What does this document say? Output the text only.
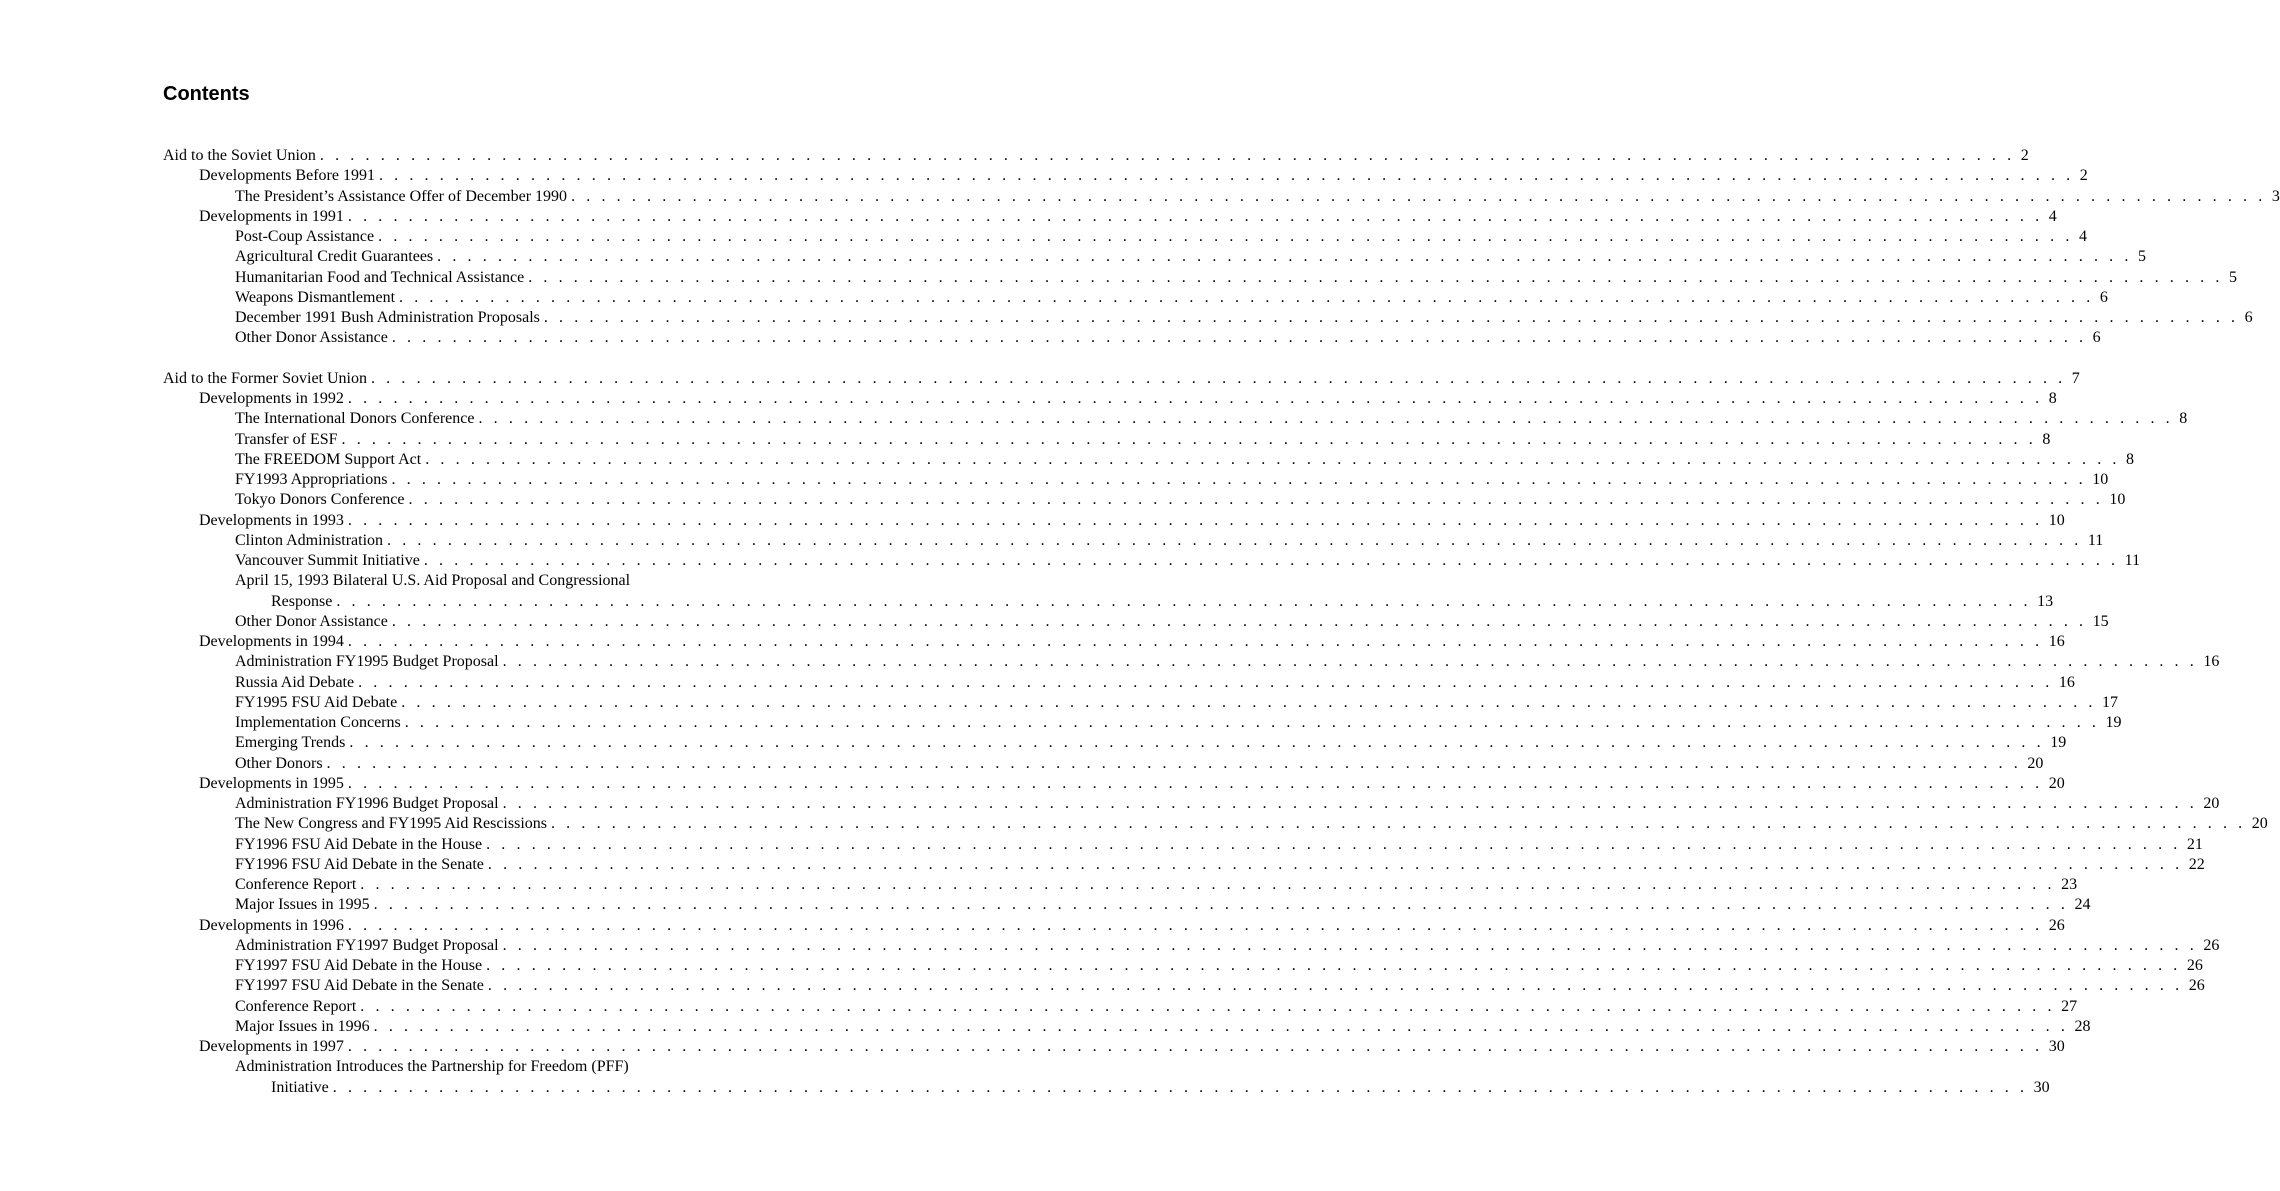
Contents
Aid to the Soviet Union . . . . . . . . . . . . . . . . . . . . . . . . . . . . . . . . . . . . . . . . . . . . . . . . . . . . . . . . . . . . . . . . . . . . . . . . . . . . . . . . . . . . . . . . . . . . . . . . . . . . . . . . . . . . . . . . 2
Developments Before 1991 . . . . . . . . . . . . . . . . . . . . . . . . . . . . . . . . . . . . . . . . . . . . . . . . . . . . . . . . . . . . . . . . . . . . . . . . . . . . . . . . . . . . . . . . . . . . . . . . . . . . . . . . . . . . . . . . 2
The President’s Assistance Offer of December 1990 . . . . . . . . . . . . . . . . . . . . . . . . . . . . . . . . . . . . . . . . . . . . . . . . . . . . . . . . . . . . . . . . . . . . . . . . . . . . . . . . . . . . . . . . . . . . . . . . . . . . . . . . . . . . . . . . 3
Developments in 1991 . . . . . . . . . . . . . . . . . . . . . . . . . . . . . . . . . . . . . . . . . . . . . . . . . . . . . . . . . . . . . . . . . . . . . . . . . . . . . . . . . . . . . . . . . . . . . . . . . . . . . . . . . . . . . . . . 4
Post-Coup Assistance . . . . . . . . . . . . . . . . . . . . . . . . . . . . . . . . . . . . . . . . . . . . . . . . . . . . . . . . . . . . . . . . . . . . . . . . . . . . . . . . . . . . . . . . . . . . . . . . . . . . . . . . . . . . . . . . 4
Agricultural Credit Guarantees . . . . . . . . . . . . . . . . . . . . . . . . . . . . . . . . . . . . . . . . . . . . . . . . . . . . . . . . . . . . . . . . . . . . . . . . . . . . . . . . . . . . . . . . . . . . . . . . . . . . . . . . . . . . . . . . 5
Humanitarian Food and Technical Assistance . . . . . . . . . . . . . . . . . . . . . . . . . . . . . . . . . . . . . . . . . . . . . . . . . . . . . . . . . . . . . . . . . . . . . . . . . . . . . . . . . . . . . . . . . . . . . . . . . . . . . . . . . . . . . . . . 5
Weapons Dismantlement . . . . . . . . . . . . . . . . . . . . . . . . . . . . . . . . . . . . . . . . . . . . . . . . . . . . . . . . . . . . . . . . . . . . . . . . . . . . . . . . . . . . . . . . . . . . . . . . . . . . . . . . . . . . . . . . 6
December 1991 Bush Administration Proposals . . . . . . . . . . . . . . . . . . . . . . . . . . . . . . . . . . . . . . . . . . . . . . . . . . . . . . . . . . . . . . . . . . . . . . . . . . . . . . . . . . . . . . . . . . . . . . . . . . . . . . . . . . . . . . . . 6
Other Donor Assistance . . . . . . . . . . . . . . . . . . . . . . . . . . . . . . . . . . . . . . . . . . . . . . . . . . . . . . . . . . . . . . . . . . . . . . . . . . . . . . . . . . . . . . . . . . . . . . . . . . . . . . . . . . . . . . . . 6
Aid to the Former Soviet Union . . . . . . . . . . . . . . . . . . . . . . . . . . . . . . . . . . . . . . . . . . . . . . . . . . . . . . . . . . . . . . . . . . . . . . . . . . . . . . . . . . . . . . . . . . . . . . . . . . . . . . . . . . . . . . . . 7
Developments in 1992 . . . . . . . . . . . . . . . . . . . . . . . . . . . . . . . . . . . . . . . . . . . . . . . . . . . . . . . . . . . . . . . . . . . . . . . . . . . . . . . . . . . . . . . . . . . . . . . . . . . . . . . . . . . . . . . . 8
The International Donors Conference . . . . . . . . . . . . . . . . . . . . . . . . . . . . . . . . . . . . . . . . . . . . . . . . . . . . . . . . . . . . . . . . . . . . . . . . . . . . . . . . . . . . . . . . . . . . . . . . . . . . . . . . . . . . . . . . 8
Transfer of ESF . . . . . . . . . . . . . . . . . . . . . . . . . . . . . . . . . . . . . . . . . . . . . . . . . . . . . . . . . . . . . . . . . . . . . . . . . . . . . . . . . . . . . . . . . . . . . . . . . . . . . . . . . . . . . . . . 8
The FREEDOM Support Act . . . . . . . . . . . . . . . . . . . . . . . . . . . . . . . . . . . . . . . . . . . . . . . . . . . . . . . . . . . . . . . . . . . . . . . . . . . . . . . . . . . . . . . . . . . . . . . . . . . . . . . . . . . . . . . . 8
FY1993 Appropriations . . . . . . . . . . . . . . . . . . . . . . . . . . . . . . . . . . . . . . . . . . . . . . . . . . . . . . . . . . . . . . . . . . . . . . . . . . . . . . . . . . . . . . . . . . . . . . . . . . . . . . . . . . . . . . . . 10
Tokyo Donors Conference . . . . . . . . . . . . . . . . . . . . . . . . . . . . . . . . . . . . . . . . . . . . . . . . . . . . . . . . . . . . . . . . . . . . . . . . . . . . . . . . . . . . . . . . . . . . . . . . . . . . . . . . . . . . . . . . 10
Developments in 1993 . . . . . . . . . . . . . . . . . . . . . . . . . . . . . . . . . . . . . . . . . . . . . . . . . . . . . . . . . . . . . . . . . . . . . . . . . . . . . . . . . . . . . . . . . . . . . . . . . . . . . . . . . . . . . . . . 10
Clinton Administration . . . . . . . . . . . . . . . . . . . . . . . . . . . . . . . . . . . . . . . . . . . . . . . . . . . . . . . . . . . . . . . . . . . . . . . . . . . . . . . . . . . . . . . . . . . . . . . . . . . . . . . . . . . . . . . . 11
Vancouver Summit Initiative . . . . . . . . . . . . . . . . . . . . . . . . . . . . . . . . . . . . . . . . . . . . . . . . . . . . . . . . . . . . . . . . . . . . . . . . . . . . . . . . . . . . . . . . . . . . . . . . . . . . . . . . . . . . . . . . 11
April 15, 1993 Bilateral U.S. Aid Proposal and Congressional
Response . . . . . . . . . . . . . . . . . . . . . . . . . . . . . . . . . . . . . . . . . . . . . . . . . . . . . . . . . . . . . . . . . . . . . . . . . . . . . . . . . . . . . . . . . . . . . . . . . . . . . . . . . . . . . . . . 13
Other Donor Assistance . . . . . . . . . . . . . . . . . . . . . . . . . . . . . . . . . . . . . . . . . . . . . . . . . . . . . . . . . . . . . . . . . . . . . . . . . . . . . . . . . . . . . . . . . . . . . . . . . . . . . . . . . . . . . . . . 15
Developments in 1994 . . . . . . . . . . . . . . . . . . . . . . . . . . . . . . . . . . . . . . . . . . . . . . . . . . . . . . . . . . . . . . . . . . . . . . . . . . . . . . . . . . . . . . . . . . . . . . . . . . . . . . . . . . . . . . . . 16
Administration FY1995 Budget Proposal . . . . . . . . . . . . . . . . . . . . . . . . . . . . . . . . . . . . . . . . . . . . . . . . . . . . . . . . . . . . . . . . . . . . . . . . . . . . . . . . . . . . . . . . . . . . . . . . . . . . . . . . . . . . . . . . 16
Russia Aid Debate . . . . . . . . . . . . . . . . . . . . . . . . . . . . . . . . . . . . . . . . . . . . . . . . . . . . . . . . . . . . . . . . . . . . . . . . . . . . . . . . . . . . . . . . . . . . . . . . . . . . . . . . . . . . . . . . 16
FY1995 FSU Aid Debate . . . . . . . . . . . . . . . . . . . . . . . . . . . . . . . . . . . . . . . . . . . . . . . . . . . . . . . . . . . . . . . . . . . . . . . . . . . . . . . . . . . . . . . . . . . . . . . . . . . . . . . . . . . . . . . . 17
Implementation Concerns . . . . . . . . . . . . . . . . . . . . . . . . . . . . . . . . . . . . . . . . . . . . . . . . . . . . . . . . . . . . . . . . . . . . . . . . . . . . . . . . . . . . . . . . . . . . . . . . . . . . . . . . . . . . . . . . 19
Emerging Trends . . . . . . . . . . . . . . . . . . . . . . . . . . . . . . . . . . . . . . . . . . . . . . . . . . . . . . . . . . . . . . . . . . . . . . . . . . . . . . . . . . . . . . . . . . . . . . . . . . . . . . . . . . . . . . . . 19
Other Donors . . . . . . . . . . . . . . . . . . . . . . . . . . . . . . . . . . . . . . . . . . . . . . . . . . . . . . . . . . . . . . . . . . . . . . . . . . . . . . . . . . . . . . . . . . . . . . . . . . . . . . . . . . . . . . . . 20
Developments in 1995 . . . . . . . . . . . . . . . . . . . . . . . . . . . . . . . . . . . . . . . . . . . . . . . . . . . . . . . . . . . . . . . . . . . . . . . . . . . . . . . . . . . . . . . . . . . . . . . . . . . . . . . . . . . . . . . . 20
Administration FY1996 Budget Proposal . . . . . . . . . . . . . . . . . . . . . . . . . . . . . . . . . . . . . . . . . . . . . . . . . . . . . . . . . . . . . . . . . . . . . . . . . . . . . . . . . . . . . . . . . . . . . . . . . . . . . . . . . . . . . . . . 20
The New Congress and FY1995 Aid Rescissions . . . . . . . . . . . . . . . . . . . . . . . . . . . . . . . . . . . . . . . . . . . . . . . . . . . . . . . . . . . . . . . . . . . . . . . . . . . . . . . . . . . . . . . . . . . . . . . . . . . . . . . . . . . . . . . . 20
FY1996 FSU Aid Debate in the House . . . . . . . . . . . . . . . . . . . . . . . . . . . . . . . . . . . . . . . . . . . . . . . . . . . . . . . . . . . . . . . . . . . . . . . . . . . . . . . . . . . . . . . . . . . . . . . . . . . . . . . . . . . . . . . . 21
FY1996 FSU Aid Debate in the Senate . . . . . . . . . . . . . . . . . . . . . . . . . . . . . . . . . . . . . . . . . . . . . . . . . . . . . . . . . . . . . . . . . . . . . . . . . . . . . . . . . . . . . . . . . . . . . . . . . . . . . . . . . . . . . . . . 22
Conference Report . . . . . . . . . . . . . . . . . . . . . . . . . . . . . . . . . . . . . . . . . . . . . . . . . . . . . . . . . . . . . . . . . . . . . . . . . . . . . . . . . . . . . . . . . . . . . . . . . . . . . . . . . . . . . . . . 23
Major Issues in 1995 . . . . . . . . . . . . . . . . . . . . . . . . . . . . . . . . . . . . . . . . . . . . . . . . . . . . . . . . . . . . . . . . . . . . . . . . . . . . . . . . . . . . . . . . . . . . . . . . . . . . . . . . . . . . . . . . 24
Developments in 1996 . . . . . . . . . . . . . . . . . . . . . . . . . . . . . . . . . . . . . . . . . . . . . . . . . . . . . . . . . . . . . . . . . . . . . . . . . . . . . . . . . . . . . . . . . . . . . . . . . . . . . . . . . . . . . . . . 26
Administration FY1997 Budget Proposal . . . . . . . . . . . . . . . . . . . . . . . . . . . . . . . . . . . . . . . . . . . . . . . . . . . . . . . . . . . . . . . . . . . . . . . . . . . . . . . . . . . . . . . . . . . . . . . . . . . . . . . . . . . . . . . . 26
FY1997 FSU Aid Debate in the House . . . . . . . . . . . . . . . . . . . . . . . . . . . . . . . . . . . . . . . . . . . . . . . . . . . . . . . . . . . . . . . . . . . . . . . . . . . . . . . . . . . . . . . . . . . . . . . . . . . . . . . . . . . . . . . . 26
FY1997 FSU Aid Debate in the Senate . . . . . . . . . . . . . . . . . . . . . . . . . . . . . . . . . . . . . . . . . . . . . . . . . . . . . . . . . . . . . . . . . . . . . . . . . . . . . . . . . . . . . . . . . . . . . . . . . . . . . . . . . . . . . . . . 26
Conference Report . . . . . . . . . . . . . . . . . . . . . . . . . . . . . . . . . . . . . . . . . . . . . . . . . . . . . . . . . . . . . . . . . . . . . . . . . . . . . . . . . . . . . . . . . . . . . . . . . . . . . . . . . . . . . . . . 27
Major Issues in 1996 . . . . . . . . . . . . . . . . . . . . . . . . . . . . . . . . . . . . . . . . . . . . . . . . . . . . . . . . . . . . . . . . . . . . . . . . . . . . . . . . . . . . . . . . . . . . . . . . . . . . . . . . . . . . . . . . 28
Developments in 1997 . . . . . . . . . . . . . . . . . . . . . . . . . . . . . . . . . . . . . . . . . . . . . . . . . . . . . . . . . . . . . . . . . . . . . . . . . . . . . . . . . . . . . . . . . . . . . . . . . . . . . . . . . . . . . . . . 30
Administration Introduces the Partnership for Freedom (PFF)
Initiative . . . . . . . . . . . . . . . . . . . . . . . . . . . . . . . . . . . . . . . . . . . . . . . . . . . . . . . . . . . . . . . . . . . . . . . . . . . . . . . . . . . . . . . . . . . . . . . . . . . . . . . . . . . . . . . . 30
